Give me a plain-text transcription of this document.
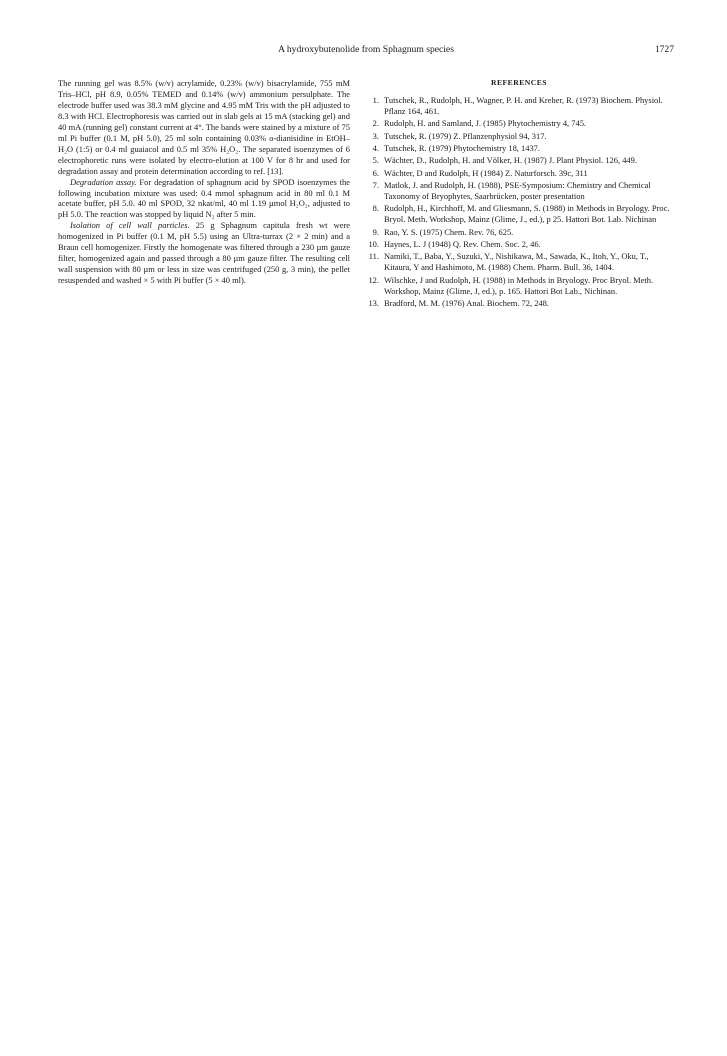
A hydroxybutenolide from Sphagnum species	1727

The running gel was 8.5% (w/v) acrylamide, 0.23% (w/v) bisacrylamide, 755 mM Tris–HCl, pH 8.9, 0.05% TEMED and 0.14% (w/v) ammonium persulphate. The electrode buffer used was 38.3 mM glycine and 4.95 mM Tris with the pH adjusted to 8.3 with HCl. Electrophoresis was carried out in slab gels at 15 mA (stacking gel) and 40 mA (running gel) constant current at 4°. The bands were stained by a mixture of 75 ml Pi buffer (0.1 M, pH 5.0), 25 ml soln containing 0.03% o-dianisidine in EtOH–H₂O (1:5) or 0.4 ml guaiacol and 0.5 ml 35% H₂O₂. The separated isoenzymes of 6 electrophoretic runs were isolated by electro-elution at 100 V for 8 hr and used for degradation assay and protein determination according to ref. [13].

Degradation assay. For degradation of sphagnum acid by SPOD isoenzymes the following incubation mixture was used: 0.4 mmol sphagnum acid in 80 ml 0.1 M acetate buffer, pH 5.0. 40 ml SPOD, 32 nkat/ml, 40 ml 1.19 µmol H₂O₂, adjusted to pH 5.0. The reaction was stopped by liquid N₂ after 5 min.

Isolation of cell wall particles. 25 g Sphagnum capitula fresh wt were homogenized in Pi buffer (0.1 M, pH 5.5) using an Ultra-turrax (2 × 2 min) and a Braun cell homogenizer. Firstly the homogenate was filtered through a 230 µm gauze filter, homogenized again and passed through a 80 µm gauze filter. The resulting cell wall suspension with 80 µm or less in size was centrifuged (250 g, 3 min), the pellet resuspended and washed × 5 with Pi buffer (5 × 40 ml).

REFERENCES
1. Tutschek, R., Rudolph, H., Wagner, P. H. and Kreher, R. (1973) Biochem. Physiol. Pflanz 164, 461.
2. Rudolph, H. and Samland, J. (1985) Phytochemistry 4, 745.
3. Tutschek, R. (1979) Z. Pflanzenphysiol 94, 317.
4. Tutschek, R. (1979) Phytochemistry 18, 1437.
5. Wächter, D., Rudolph, H. and Völker, H. (1987) J. Plant Physiol. 126, 449.
6. Wächter, D and Rudolph, H (1984) Z. Naturforsch. 39c, 311
7. Matlok, J. and Rudolph, H. (1988), PSE-Symposium: Chemistry and Chemical Taxonomy of Bryophytes, Saarbrücken, poster presentation
8. Rudolph, H., Kirchhoff, M. and Gliesmann, S. (1988) in Methods in Bryology. Proc. Bryol. Meth. Workshop, Mainz (Glime, J., ed.), p 25. Hattori Bot. Lab. Nichinan
9. Rao, Y. S. (1975) Chem. Rev. 76, 625.
10. Haynes, L. J (1948) Q. Rev. Chem. Soc. 2, 46.
11. Namiki, T., Baba, Y., Suzuki, Y., Nishikawa, M., Sawada, K., Itoh, Y., Oku, T., Kitaura, Y and Hashimoto, M. (1988) Chem. Pharm. Bull. 36, 1404.
12. Wilschke, J and Rudolph, H. (1988) in Methods in Bryology. Proc Bryol. Meth. Workshop, Mainz (Glime, J, ed.), p. 165. Hattori Bot Lab., Nichinan.
13. Bradford, M. M. (1976) Anal. Biochem. 72, 248.
